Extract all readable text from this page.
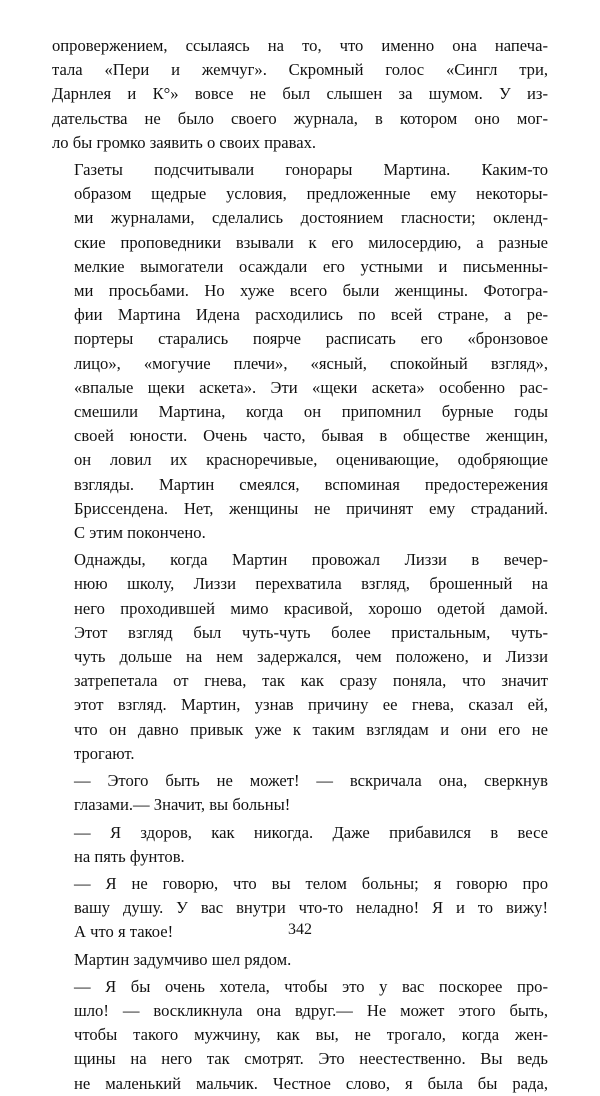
опровержением, ссылаясь на то, что именно она напеча-
тала «Пери и жемчуг». Скромный голос «Сингл три,
Дарнлея и К°» вовсе не был слышен за шумом. У из-
дательства не было своего журнала, в котором оно мог-
ло бы громко заявить о своих правах.

Газеты подсчитывали гонорары Мартина. Каким-то
образом щедрые условия, предложенные ему некоторы-
ми журналами, сделались достоянием гласности; окленд-
ские проповедники взывали к его милосердию, а разные
мелкие вымогатели осаждали его устными и письменны-
ми просьбами. Но хуже всего были женщины. Фотогра-
фии Мартина Идена расходились по всей стране, а ре-
портеры старались поярче расписать его «бронзовое
лицо», «могучие плечи», «ясный, спокойный взгляд»,
«впалые щеки аскета». Эти «щеки аскета» особенно рас-
смешили Мартина, когда он припомнил бурные годы
своей юности. Очень часто, бывая в обществе женщин,
он ловил их красноречивые, оценивающие, одобряющие
взгляды. Мартин смеялся, вспоминая предостережения
Бриссендена. Нет, женщины не причинят ему страданий.
С этим покончено.

Однажды, когда Мартин провожал Лиззи в вечер-
нюю школу, Лиззи перехватила взгляд, брошенный на
него проходившей мимо красивой, хорошо одетой дамой.
Этот взгляд был чуть-чуть более пристальным, чуть-
чуть дольше на нем задержался, чем положено, и Лиззи
затрепетала от гнева, так как сразу поняла, что значит
этот взгляд. Мартин, узнав причину ее гнева, сказал ей,
что он давно привык уже к таким взглядам и они его не
трогают.

— Этого быть не может! — вскричала она, сверкнув
глазами.— Значит, вы больны!

— Я здоров, как никогда. Даже прибавился в весе
на пять фунтов.

— Я не говорю, что вы телом больны; я говорю про
вашу душу. У вас внутри что-то неладно! Я и то вижу!
А что я такое!

Мартин задумчиво шел рядом.

— Я бы очень хотела, чтобы это у вас поскорее про-
шло! — воскликнула она вдруг.— Не может этого быть,
чтобы такого мужчину, как вы, не трогало, когда жен-
щины на него так смотрят. Это неестественно. Вы ведь
не маленький мальчик. Честное слово, я была бы рада,

342
